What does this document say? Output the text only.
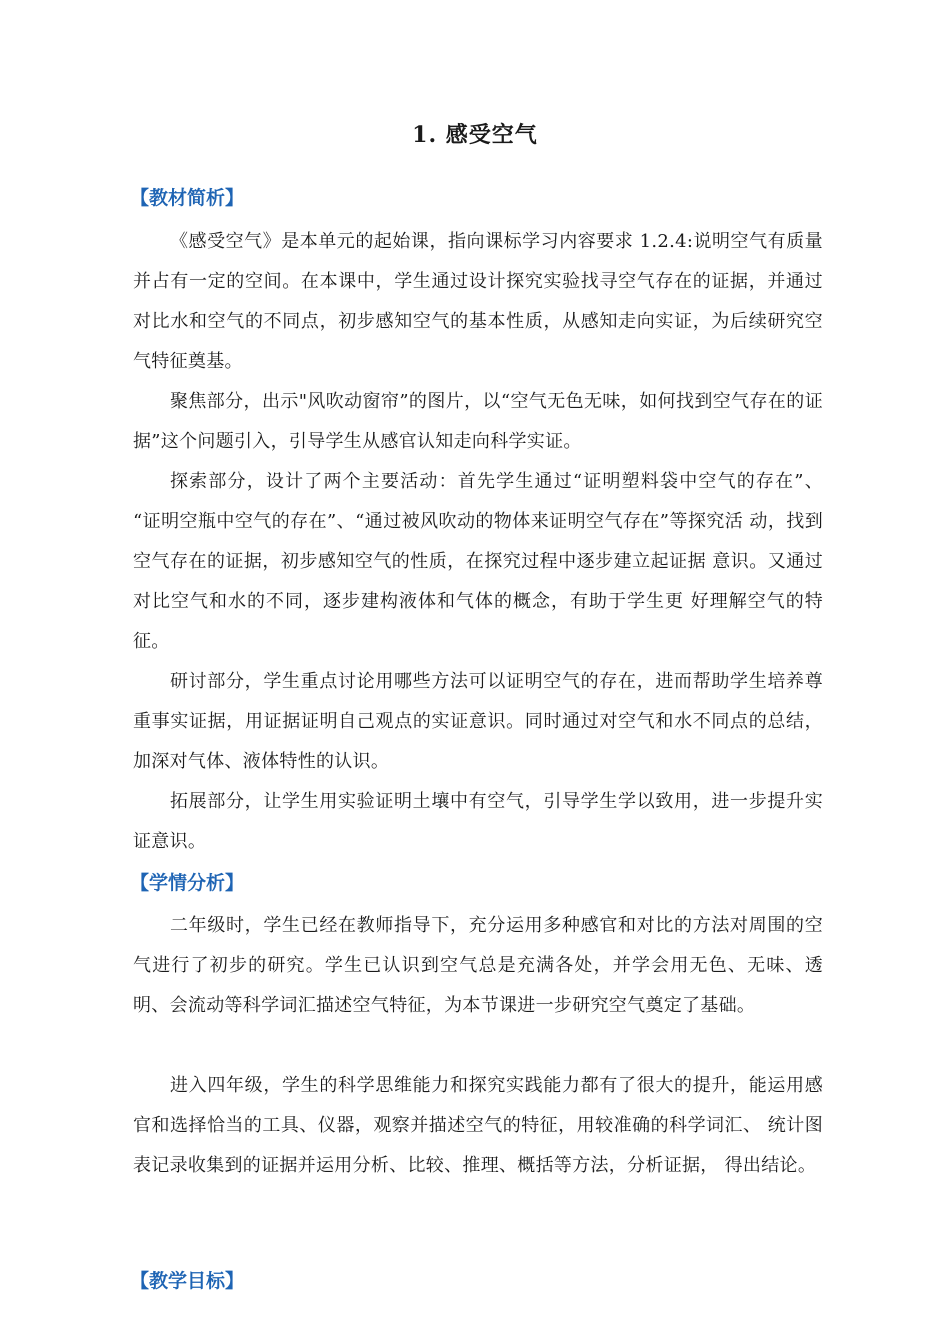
1. 感受空气
【教材简析】
《感受空气》是本单元的起始课，指向课标学习内容要求 1.2.4:说明空气有质量并占有一定的空间。在本课中，学生通过设计探究实验找寻空气存在的证据，并通过对比水和空气的不同点，初步感知空气的基本性质，从感知走向实证，为后续研究空气特征奠基。
聚焦部分，出示"风吹动窗帘”的图片，以“空气无色无味，如何找到空气存在的证据”这个问题引入，引导学生从感官认知走向科学实证。
探索部分，设计了两个主要活动：首先学生通过“证明塑料袋中空气的存在”、 “证明空瓶中空气的存在”、“通过被风吹动的物体来证明空气存在”等探究活 动，找到空气存在的证据，初步感知空气的性质，在探究过程中逐步建立起证据 意识。又通过对比空气和水的不同，逐步建构液体和气体的概念，有助于学生更 好理解空气的特征。
研讨部分，学生重点讨论用哪些方法可以证明空气的存在，进而帮助学生培养尊重事实证据，用证据证明自己观点的实证意识。同时通过对空气和水不同点的总结，加深对气体、液体特性的认识。
拓展部分，让学生用实验证明土壤中有空气，引导学生学以致用，进一步提升实证意识。
【学情分析】
二年级时，学生已经在教师指导下，充分运用多种感官和对比的方法对周围的空气进行了初步的研究。学生已认识到空气总是充满各处，并学会用无色、无味、透明、会流动等科学词汇描述空气特征，为本节课进一步研究空气奠定了基础。
进入四年级，学生的科学思维能力和探究实践能力都有了很大的提升，能运用感官和选择恰当的工具、仪器，观察并描述空气的特征，用较准确的科学词汇、 统计图表记录收集到的证据并运用分析、比较、推理、概括等方法，分析证据， 得出结论。
【教学目标】
